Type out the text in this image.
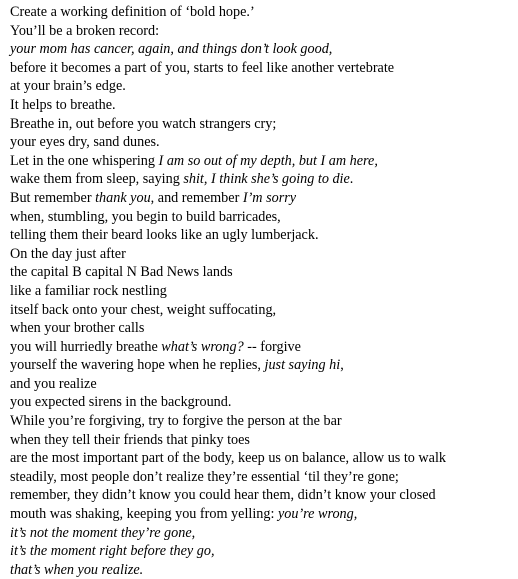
Create a working definition of ‘bold hope.’
You’ll be a broken record:
your mom has cancer, again, and things don’t look good,
before it becomes a part of you, starts to feel like another vertebrate
at your brain’s edge.
It helps to breathe.
Breathe in, out before you watch strangers cry;
your eyes dry, sand dunes.
Let in the one whispering I am so out of my depth, but I am here,
wake them from sleep, saying shit, I think she’s going to die.
But remember thank you, and remember I’m sorry
when, stumbling, you begin to build barricades,
telling them their beard looks like an ugly lumberjack.
On the day just after
the capital B capital N Bad News lands
like a familiar rock nestling
itself back onto your chest, weight suffocating,
when your brother calls
you will hurriedly breathe what’s wrong? -- forgive
yourself the wavering hope when he replies, just saying hi,
and you realize
you expected sirens in the background.
While you’re forgiving, try to forgive the person at the bar
when they tell their friends that pinky toes
are the most important part of the body, keep us on balance, allow us to walk
steadily, most people don’t realize they’re essential ‘til they’re gone;
remember, they didn’t know you could hear them, didn’t know your closed
mouth was shaking, keeping you from yelling: you’re wrong,
it’s not the moment they’re gone,
it’s the moment right before they go,
that’s when you realize.
